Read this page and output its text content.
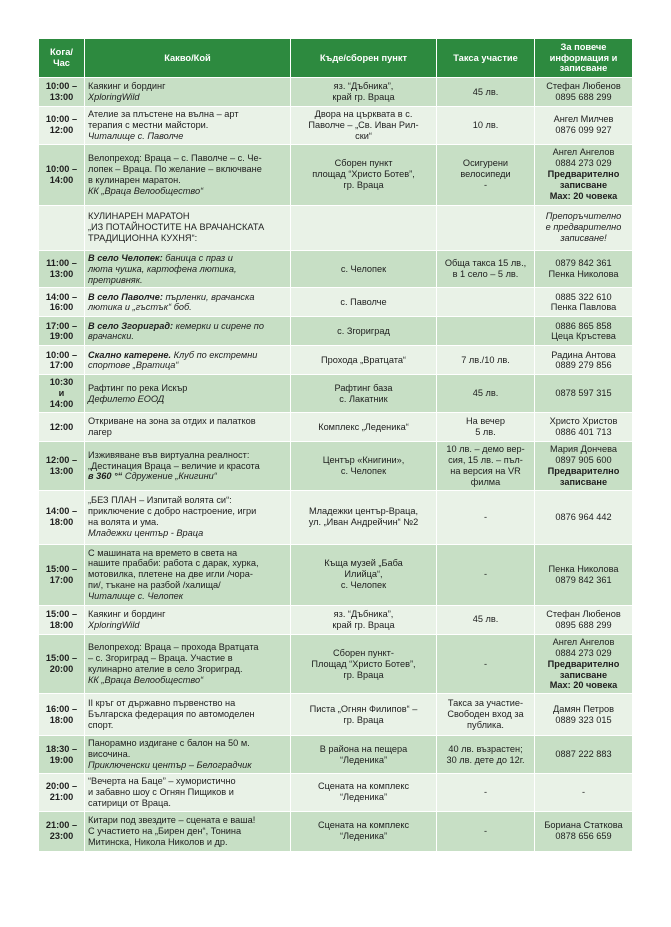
Кога/
Час	Какво/Кой	Къде/сборен пункт	Такса участие	За повече
информация и
записване

10:00 –
13:00	Каякинг и бординг
XploringWild	яз. “Дъбника”,
край гр. Враца	45 лв.	Стефан Любенов
0895 688 299

10:00 –
12:00	Ателие за плъстене на вълна – арт
терапия с местни майстори.
Читалище с. Паволче	Двора на църквата в с.
Паволче – „Св. Иван Рил-
ски“	10 лв.	Ангел Милчев
0876 099 927

10:00 –
14:00	Велопреход: Враца – с. Паволче – с. Че-
лопек – Враца. По желание – включване
в кулинарен маратон.
КК „Враца Велообщество“	Сборен пункт
площад “Христо Ботев”,
гр. Враца	Осигурени
велосипеди
-	Ангел Ангелов
0884 273 029
Предварително
записване
Max: 20 човека

	КУЛИНАРЕН МАРАТОН
„ИЗ ПОТАЙНОСТИТЕ НА ВРАЧАНСКАТА
ТРАДИЦИОННА КУХНЯ“:			Препоръчително
е предварително
записване!

11:00 –
13:00	В село Челопек: баница с праз и
люта чушка, картофена лютика,
претривняк.	с. Челопек	Обща такса 15 лв.,
в 1 село – 5 лв.	0879 842 361
Пенка Николова

14:00 –
16:00	В село Паволче: пърленки, врачанска
лютика и „гъстък“ боб.	с. Паволче		0885 322 610
Пенка Павлова

17:00 –
19:00	В село Згориград: кемерки и сирене по
врачански.	с. Згориград		0886 865 858
Цеца Кръстева

10:00 –
17:00	Скално катерене. Клуб по екстремни
спортове „Вратица“	Прохода „Вратцата“	7 лв./10 лв.	Радина Антова
0889 279 856

10:30
и
14:00	Рафтинг по река Искър
Дефилето ЕООД	Рафтинг база
с. Лакатник	45 лв.	0878 597 315

12:00	Откриване на зона за отдих и палатков
лагер	Комплекс „Леденика“	На вечер
5 лв.	Христо Христов
0886 401 713

12:00 –
13:00	Изживяване във виртуална реалност:
„Дестинация Враца – величие и красота
в 360 °“ Сдружение „Книгини“	Център «Книгини»,
с. Челопек	10 лв. – демо вер-
сия, 15 лв. – пъл-
на версия на VR
филма	Мария Дончева
0897 905 600
Предварително
записване

14:00 –
18:00	„БЕЗ ПЛАН – Изпитай волята си“:
приключение с добро настроение, игри
на волята и ума.
Младежки център - Враца	Младежки център-Враца,
ул. „Иван Андрейчин“ №2	-	0876 964 442

15:00 –
17:00	С машината на времето в света на
нашите прабаби: работа с дарак, хурка,
мотовилка, плетене на две игли /чора-
пи/, тъкане на разбой /халища/
Читалище с. Челопек	Къща музей „Баба
Илийца“,
с. Челопек	-	Пенка Николова
0879 842 361

15:00 –
18:00	Каякинг и бординг
XploringWild	яз. “Дъбника”,
край гр. Враца	45 лв.	Стефан Любенов
0895 688 299

15:00 –
20:00	Велопреход: Враца – прохода Вратцата
– с. Згориград – Враца. Участие в
кулинарно ателие в село Згориград.
КК „Враца Велообщество“	Сборен пункт-
Площад “Христо Ботев”,
гр. Враца	-	Ангел Ангелов
0884 273 029
Предварително
записване
Max: 20 човека

16:00 –
18:00	II кръг от държавно първенство на
Българска федерация по автомоделен
спорт.	Писта „Огнян Филипов“ –
гр. Враца	Такса за участие-
Свободен вход за
публика.	Дамян Петров
0889 323 015

18:30 –
19:00	Панорамно издигане с балон на 50 м.
височина.
Приключенски център – Белоградчик	В района на пещера
“Леденика”	40 лв. възрастен;
30 лв. дете до 12г.	0887 222 883

20:00 –
21:00	“Вечерта на Баце” – хумористично
и забавно шоу с Огнян Пищиков и
сатирици от Враца.	Сцената на комплекс
“Леденика”	-	-

21:00 –
23:00	Китари под звездите – сцената е ваша!
С участието на „Бирен ден“, Тонина
Митинска, Никола Николов и др.	Сцената на комплекс
“Леденика”	-	Бориана Статкова
0878 656 659
